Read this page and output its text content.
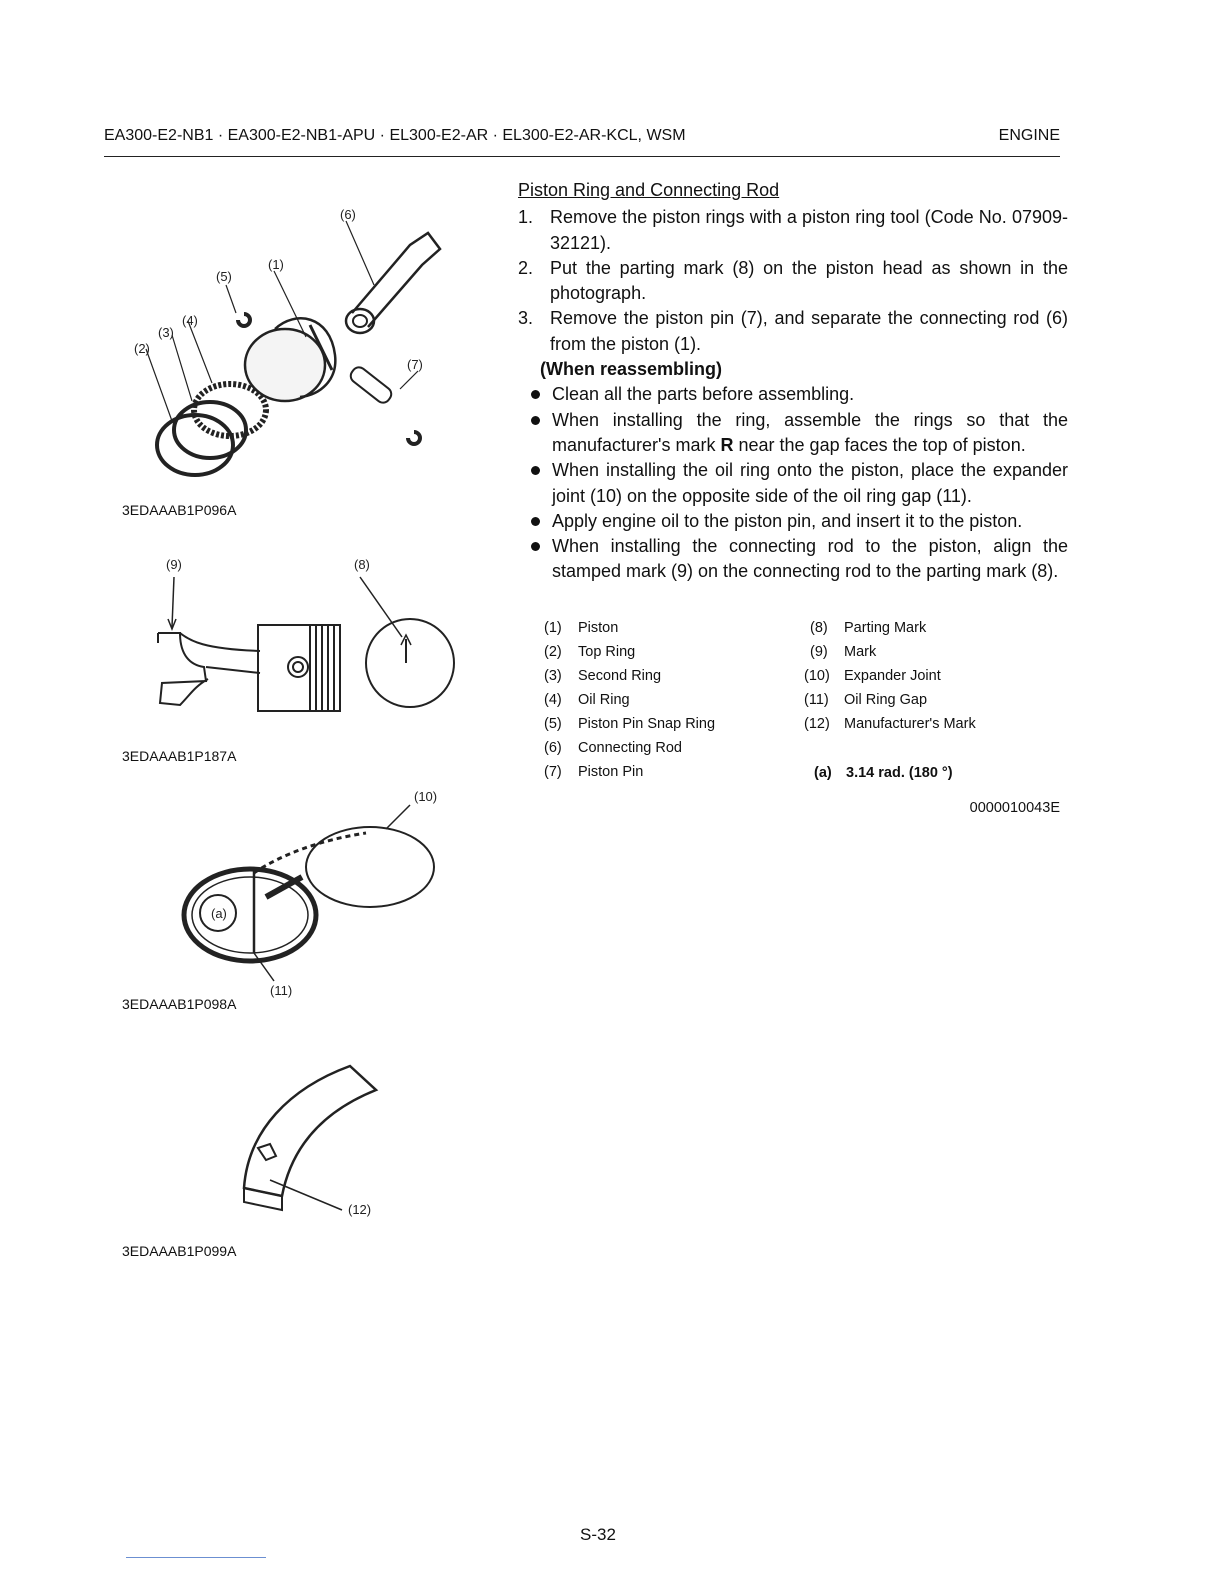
EA300-E2-NB1 · EA300-E2-NB1-APU · EL300-E2-AR · EL300-E2-AR-KCL, WSM	ENGINE
(6)
(1)
(5)
(4)
(3)
(2)
(7)
3EDAAAB1P096A
(9)	(8)
3EDAAAB1P187A
(a)
(10)
(11)
3EDAAAB1P098A
(12)
3EDAAAB1P099A
Piston Ring and Connecting Rod
1. Remove the piston rings with a piston ring tool (Code No. 07909-32121).
2. Put the parting mark (8) on the piston head as shown in the photograph.
3. Remove the piston pin (7), and separate the connecting rod (6) from the piston (1).
(When reassembling)
Clean all the parts before assembling.
When installing the ring, assemble the rings so that the manufacturer's mark R near the gap faces the top of piston.
When installing the oil ring onto the piston, place the expander joint (10) on the opposite side of the oil ring gap (11).
Apply engine oil to the piston pin, and insert it to the piston.
When installing the connecting rod to the piston, align the stamped mark (9) on the connecting rod to the parting mark (8).
(1) Piston
(2) Top Ring
(3) Second Ring
(4) Oil Ring
(5) Piston Pin Snap Ring
(6) Connecting Rod
(7) Piston Pin
(8) Parting Mark
(9) Mark
(10) Expander Joint
(11) Oil Ring Gap
(12) Manufacturer's Mark
(a) 3.14 rad. (180 °)
0000010043E
S-32
